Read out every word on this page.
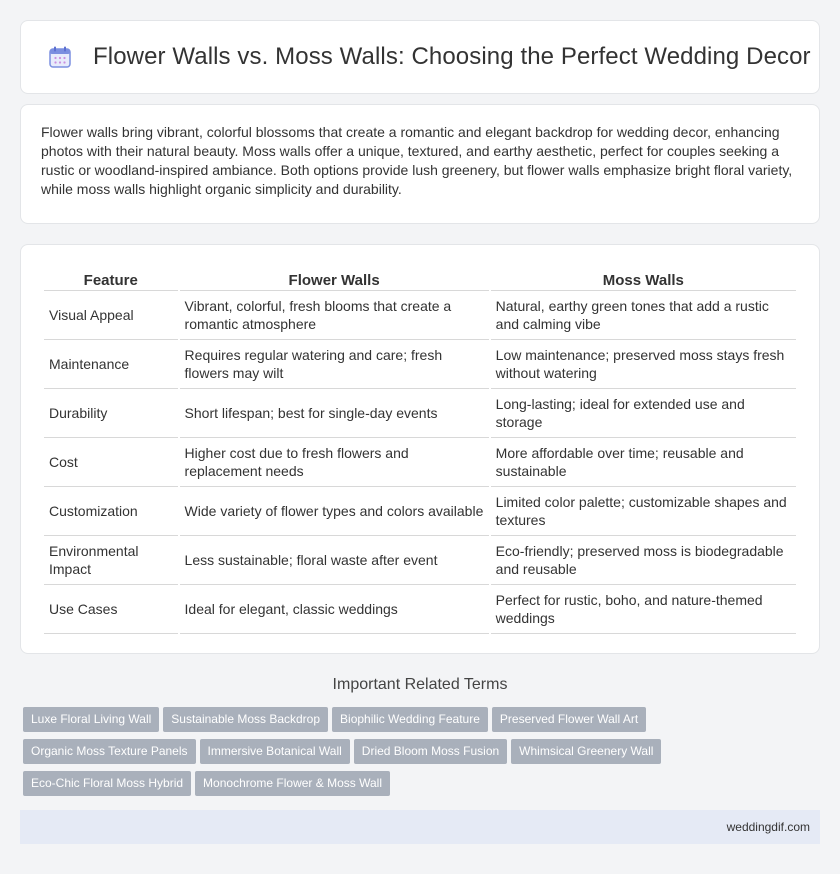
Flower Walls vs. Moss Walls: Choosing the Perfect Wedding Decor

Flower walls bring vibrant, colorful blossoms that create a romantic and elegant backdrop for wedding decor, enhancing photos with their natural beauty. Moss walls offer a unique, textured, and earthy aesthetic, perfect for couples seeking a rustic or woodland-inspired ambiance. Both options provide lush greenery, but flower walls emphasize bright floral variety, while moss walls highlight organic simplicity and durability.

Feature	Flower Walls	Moss Walls
Visual Appeal	Vibrant, colorful, fresh blooms that create a romantic atmosphere	Natural, earthy green tones that add a rustic and calming vibe
Maintenance	Requires regular watering and care; fresh flowers may wilt	Low maintenance; preserved moss stays fresh without watering
Durability	Short lifespan; best for single-day events	Long-lasting; ideal for extended use and storage
Cost	Higher cost due to fresh flowers and replacement needs	More affordable over time; reusable and sustainable
Customization	Wide variety of flower types and colors available	Limited color palette; customizable shapes and textures
Environmental Impact	Less sustainable; floral waste after event	Eco-friendly; preserved moss is biodegradable and reusable
Use Cases	Ideal for elegant, classic weddings	Perfect for rustic, boho, and nature-themed weddings
Important Related Terms
Luxe Floral Living Wall Sustainable Moss Backdrop Biophilic Wedding Feature Preserved Flower Wall Art
Organic Moss Texture Panels Immersive Botanical Wall Dried Bloom Moss Fusion Whimsical Greenery Wall
Eco-Chic Floral Moss Hybrid Monochrome Flower & Moss Wall
weddingdif.com
